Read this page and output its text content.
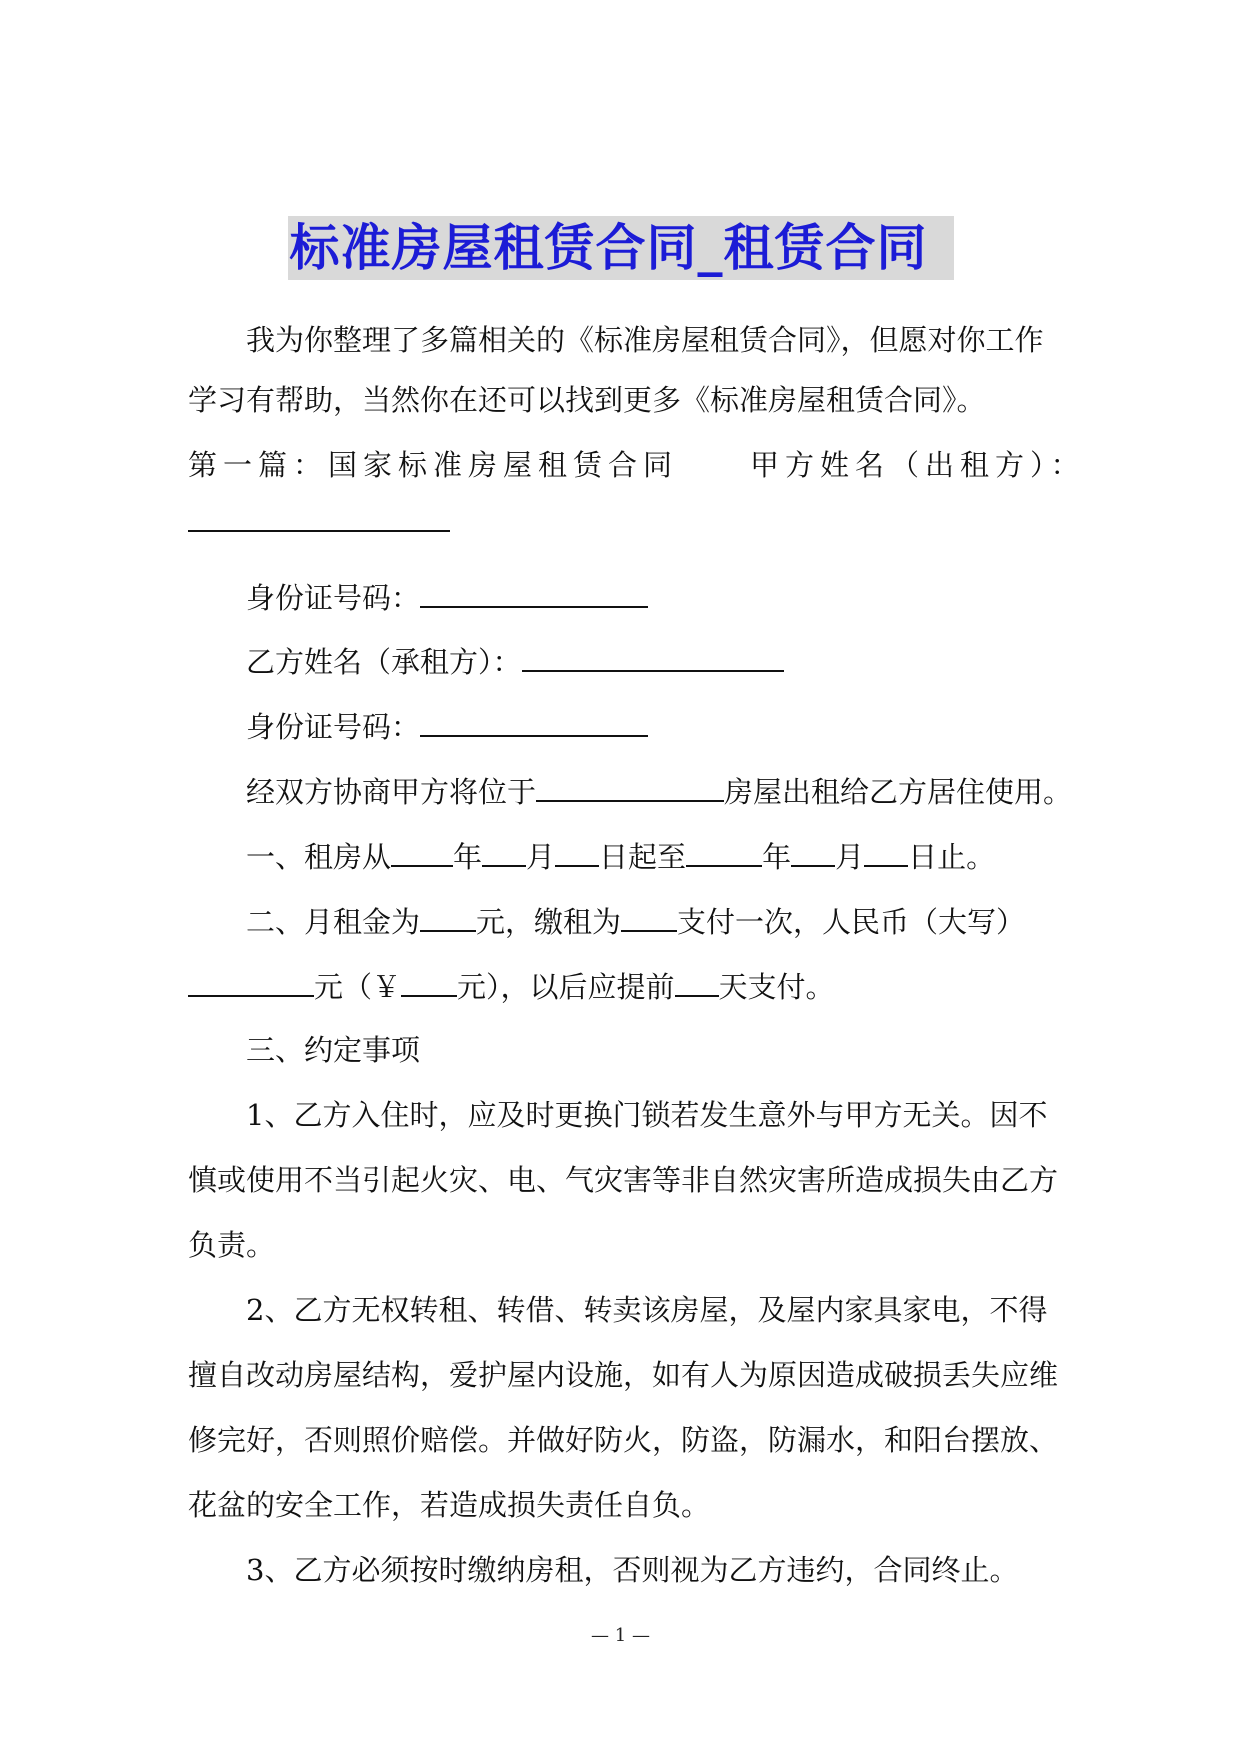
标准房屋租赁合同_租赁合同
我为你整理了多篇相关的《标准房屋租赁合同》，但愿对你工作
学习有帮助，当然你在还可以找到更多《标准房屋租赁合同》。
第一篇：国家标准房屋租赁合同 甲方姓名（出租方）：
身份证号码：
乙方姓名（承租方）：
身份证号码：
经双方协商甲方将位于	房屋出租给乙方居住使用。
一、租房从 年 月 日起至	年 月 日止。
二、月租金为 元，缴租为 支付一次，人民币（大写）
元（￥ 元），以后应提前 天支付。
三、约定事项
1、乙方入住时，应及时更换门锁若发生意外与甲方无关。因不
慎或使用不当引起火灾、电、气灾害等非自然灾害所造成损失由乙方
负责。
2、乙方无权转租、转借、转卖该房屋，及屋内家具家电，不得
擅自改动房屋结构，爱护屋内设施，如有人为原因造成破损丢失应维
修完好，否则照价赔偿。并做好防火，防盗，防漏水，和阳台摆放、
花盆的安全工作，若造成损失责任自负。
3、乙方必须按时缴纳房租，否则视为乙方违约，合同终止。
— 1 —
